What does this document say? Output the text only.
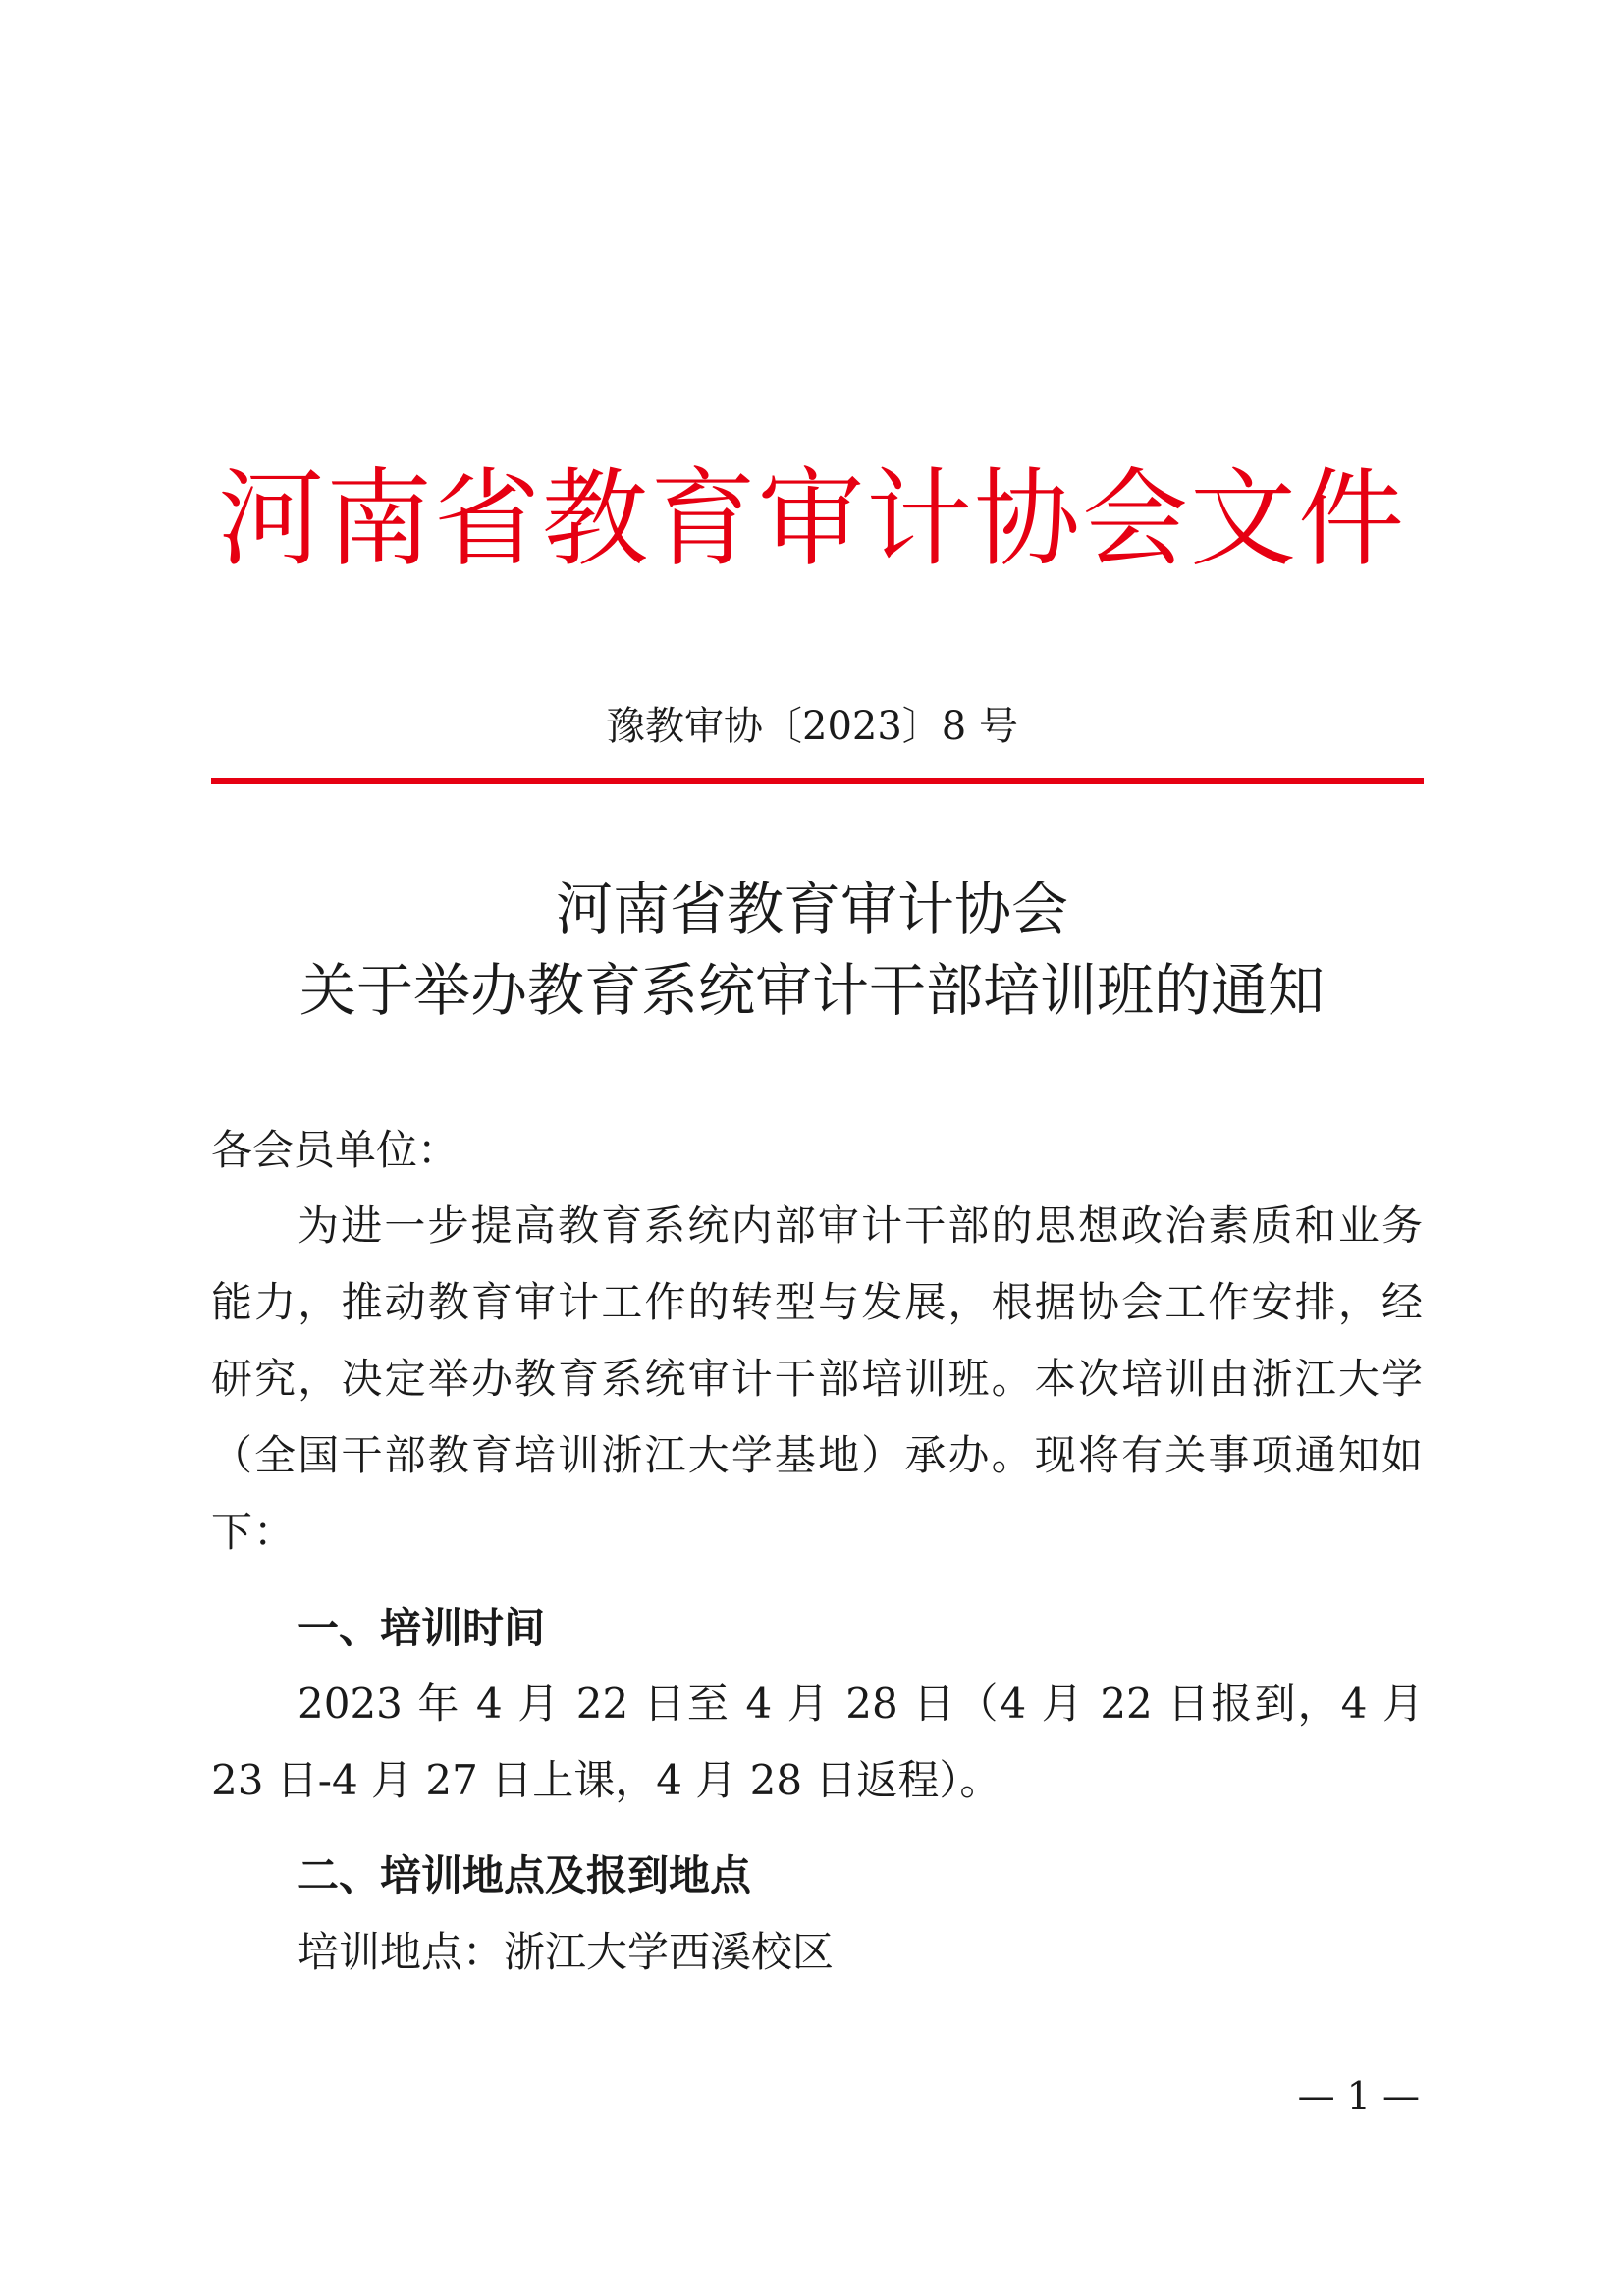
河南省教育审计协会文件
豫教审协〔2023〕8 号
河南省教育审计协会
关于举办教育系统审计干部培训班的通知
各会员单位：
为进一步提高教育系统内部审计干部的思想政治素质和业务能力，推动教育审计工作的转型与发展，根据协会工作安排，经研究，决定举办教育系统审计干部培训班。本次培训由浙江大学（全国干部教育培训浙江大学基地）承办。现将有关事项通知如下：
一、培训时间
2023 年 4 月 22 日至 4 月 28 日（4 月 22 日报到，4 月 23 日-4 月 27 日上课，4 月 28 日返程）。
二、培训地点及报到地点
培训地点：浙江大学西溪校区
— 1 —
